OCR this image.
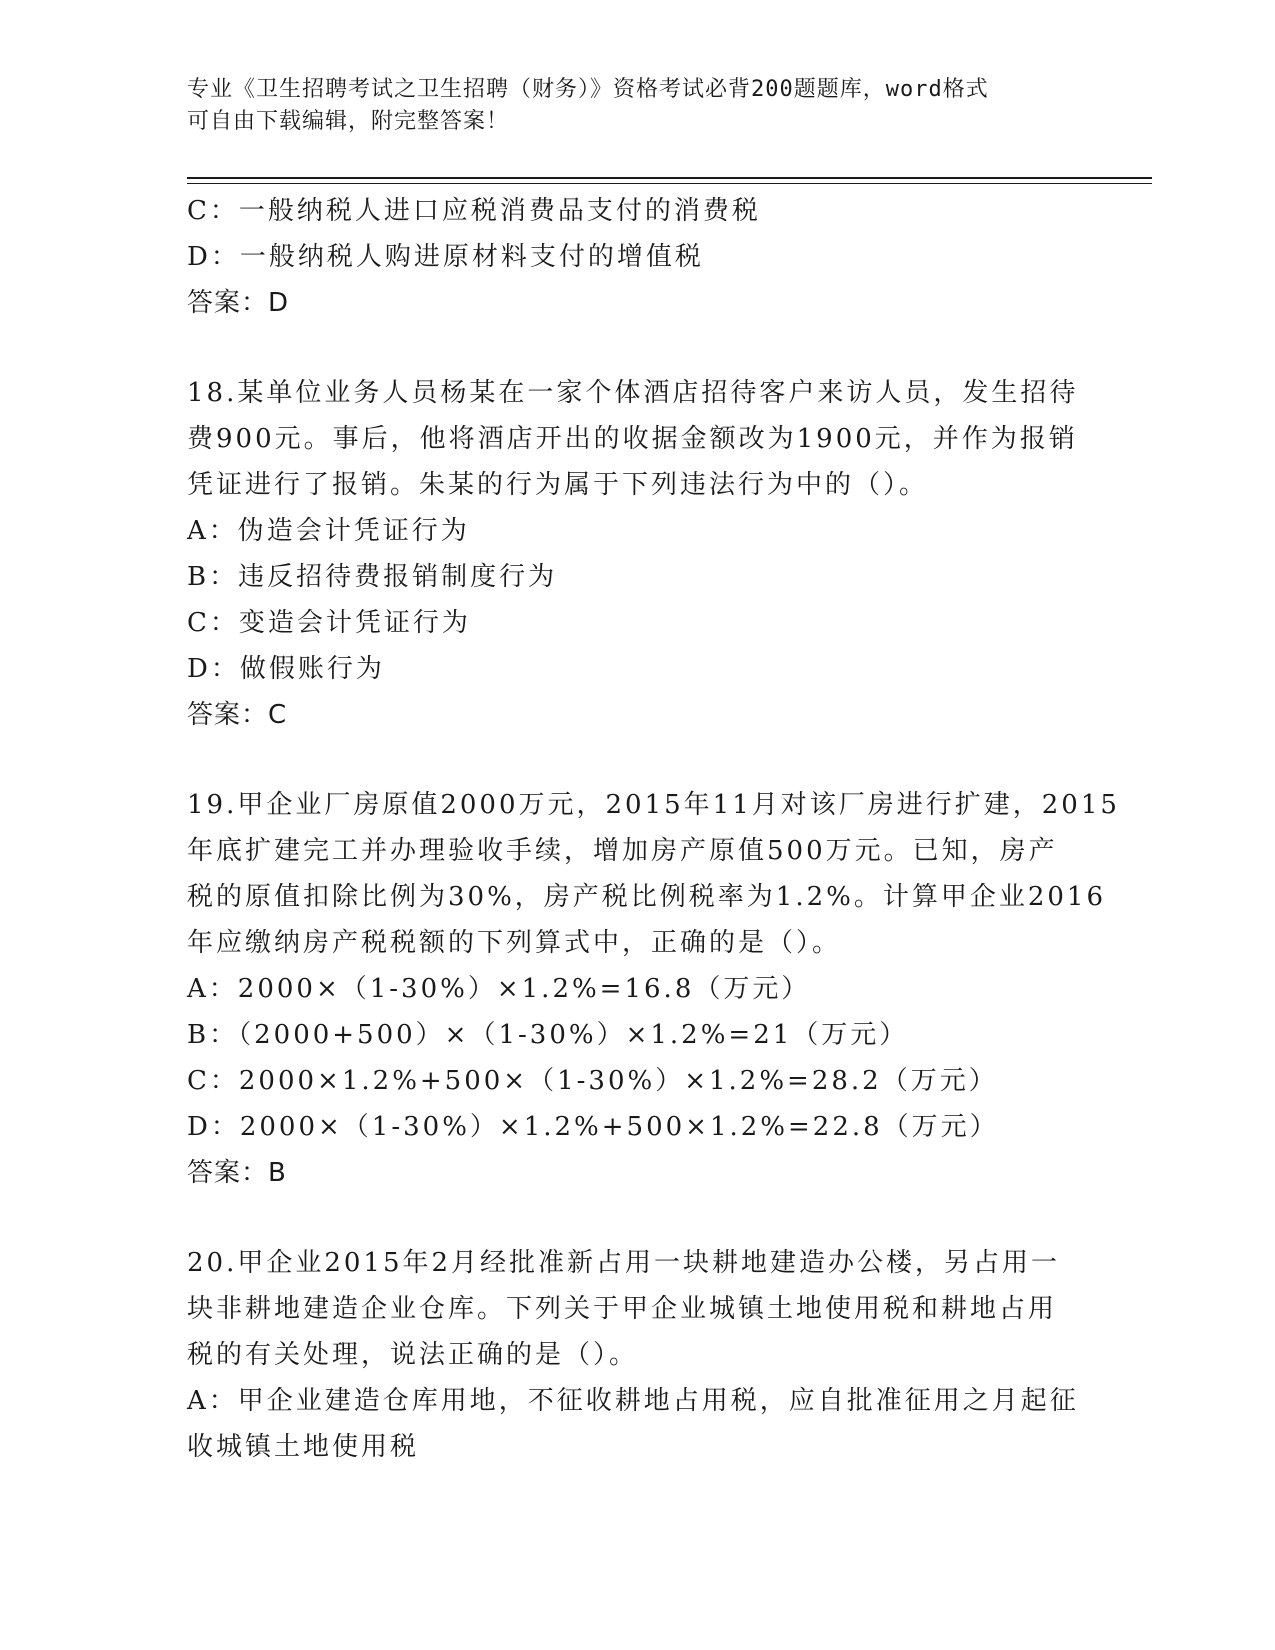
专业《卫生招聘考试之卫生招聘（财务）》资格考试必背200题题库，word格式
可自由下载编辑，附完整答案！
C：一般纳税人进口应税消费品支付的消费税
D：一般纳税人购进原材料支付的增值税
答案：D
18.某单位业务人员杨某在一家个体酒店招待客户来访人员，发生招待
费900元。事后，他将酒店开出的收据金额改为1900元，并作为报销
凭证进行了报销。朱某的行为属于下列违法行为中的（）。
A：伪造会计凭证行为
B：违反招待费报销制度行为
C：变造会计凭证行为
D：做假账行为
答案：C
19.甲企业厂房原值2000万元，2015年11月对该厂房进行扩建，2015
年底扩建完工并办理验收手续，增加房产原值500万元。已知，房产
税的原值扣除比例为30%，房产税比例税率为1.2%。计算甲企业2016
年应缴纳房产税税额的下列算式中，正确的是（）。
A：2000×（1-30%）×1.2%=16.8（万元）
B：（2000+500）×（1-30%）×1.2%=21（万元）
C：2000×1.2%+500×（1-30%）×1.2%=28.2（万元）
D：2000×（1-30%）×1.2%+500×1.2%=22.8（万元）
答案：B
20.甲企业2015年2月经批准新占用一块耕地建造办公楼，另占用一
块非耕地建造企业仓库。下列关于甲企业城镇土地使用税和耕地占用
税的有关处理，说法正确的是（）。
A：甲企业建造仓库用地，不征收耕地占用税，应自批准征用之月起征
收城镇土地使用税
